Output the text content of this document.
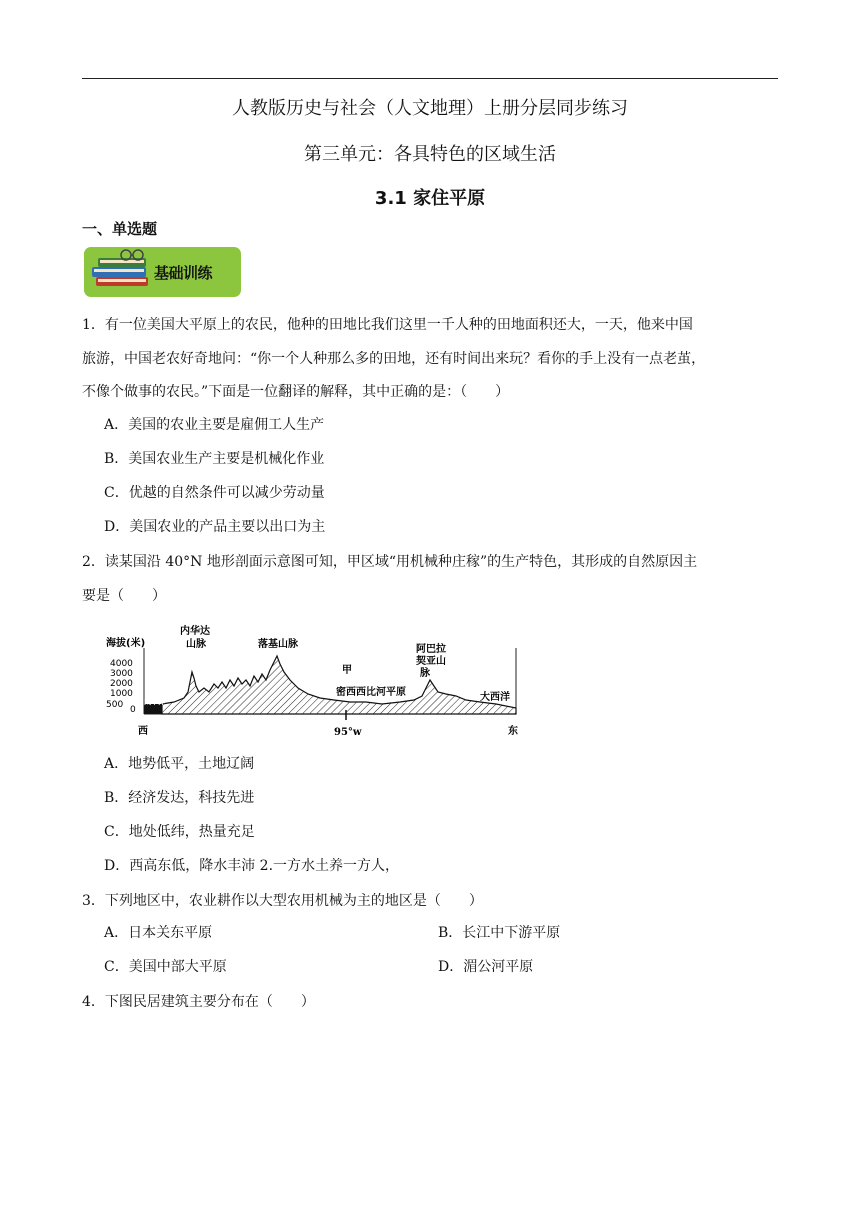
人教版历史与社会（人文地理）上册分层同步练习
第三单元：各具特色的区域生活
3.1 家住平原
一、单选题
基础训练
1．有一位美国大平原上的农民，他种的田地比我们这里一千人种的田地面积还大，一天，他来中国
旅游，中国老农好奇地问：“你一个人种那么多的田地，还有时间出来玩？看你的手上没有一点老茧，
不像个做事的农民。”下面是一位翻译的解释，其中正确的是：（　　）
A．美国的农业主要是雇佣工人生产
B．美国农业生产主要是机械化作业
C．优越的自然条件可以减少劳动量
D．美国农业的产品主要以出口为主
2．读某国沿 40°N 地形剖面示意图可知，甲区域“用机械种庄稼”的生产特色，其形成的自然原因主
要是（　　）
海拔(米)
4000
3000
2000
1000
500 0
内华达
山脉	落基山脉
甲
密西西比河平原
阿巴拉
契亚山
脉
太平洋	大西洋
西	东
95°w
A．地势低平，土地辽阔
B．经济发达，科技先进
C．地处低纬，热量充足
D．西高东低，降水丰沛 2.一方水土养一方人，
3．下列地区中，农业耕作以大型农用机械为主的地区是（　　）
A．日本关东平原	B．长江中下游平原
C．美国中部大平原	D．湄公河平原
4．下图民居建筑主要分布在（　　）
